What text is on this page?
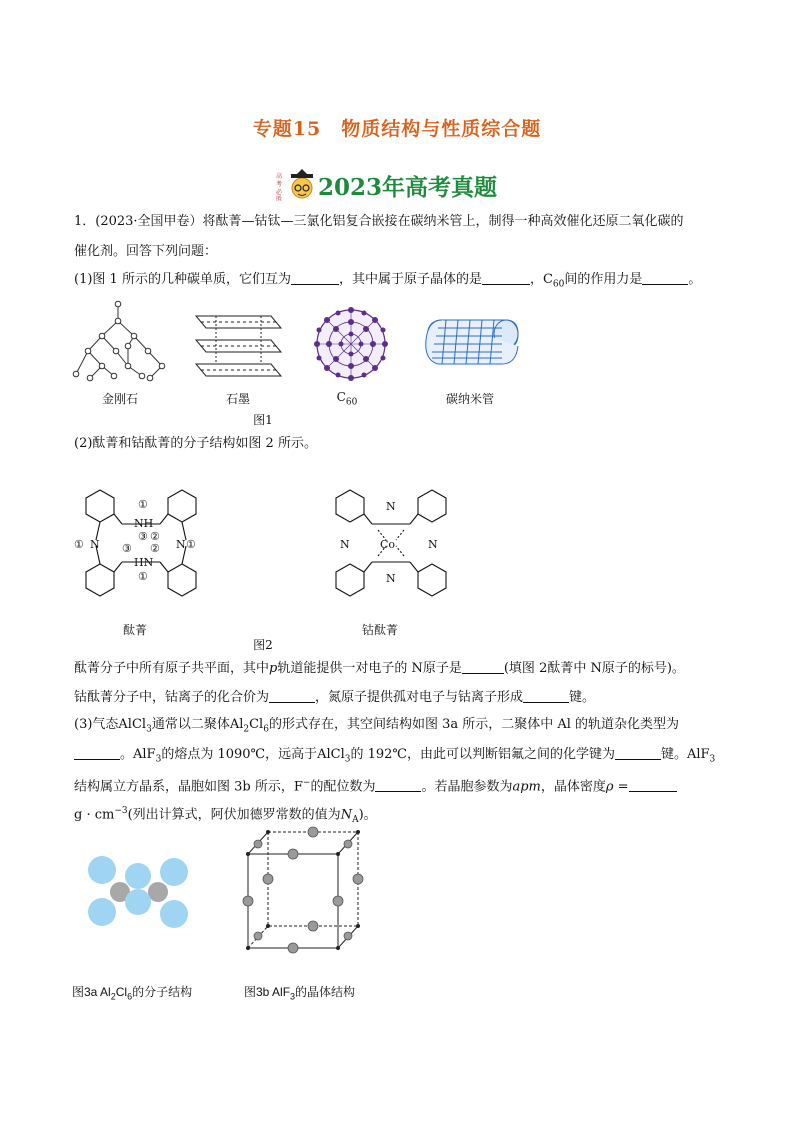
专题15　物质结构与性质综合题
高
考
必
胜 2023年高考真题
1．(2023·全国甲卷）将酞菁—钴钛—三氯化铝复合嵌接在碳纳米管上，制得一种高效催化还原二氧化碳的
催化剂。回答下列问题：
(1)图 1 所示的几种碳单质，它们互为	，其中属于原子晶体的是	，$C_{60}$间的作用力是	。
金刚石	石墨	$C_{60}$	碳纳米管
图1
(2)酞菁和钴酞菁的分子结构如图 2 所示。
①
NH
③
① N ③
②
② N ①
HN
①
N
N	Co	N
N
酞菁
图2
钴酞菁
酞菁分子中所有原子共平面，其中p轨道能提供一对电子的 N原子是	(填图 2酞菁中 N原子的标号)。
钴酞菁分子中，钴离子的化合价为	，氮原子提供孤对电子与钴离子形成	键。
(3)气态AlCl$_3$通常以二聚体$Al_2Cl_6$的形式存在，其空间结构如图 3a 所示，二聚体中 Al 的轨道杂化类型为
。AlF$_3$的熔点为 1090℃，远高于AlCl$_3$的 192℃，由此可以判断铝氟之间的化学键为	键。AlF$_3$
结构属立方晶系，晶胞如图 3b 所示，F−的配位数为	。若晶胞参数为apm，晶体密度ρ =
$g \cdot cm^{-3}$(列出计算式，阿伏加德罗常数的值为$N_A$)。
图3a $Al_2Cl_6$的分子结构	图3b AlF$_3$的晶体结构
